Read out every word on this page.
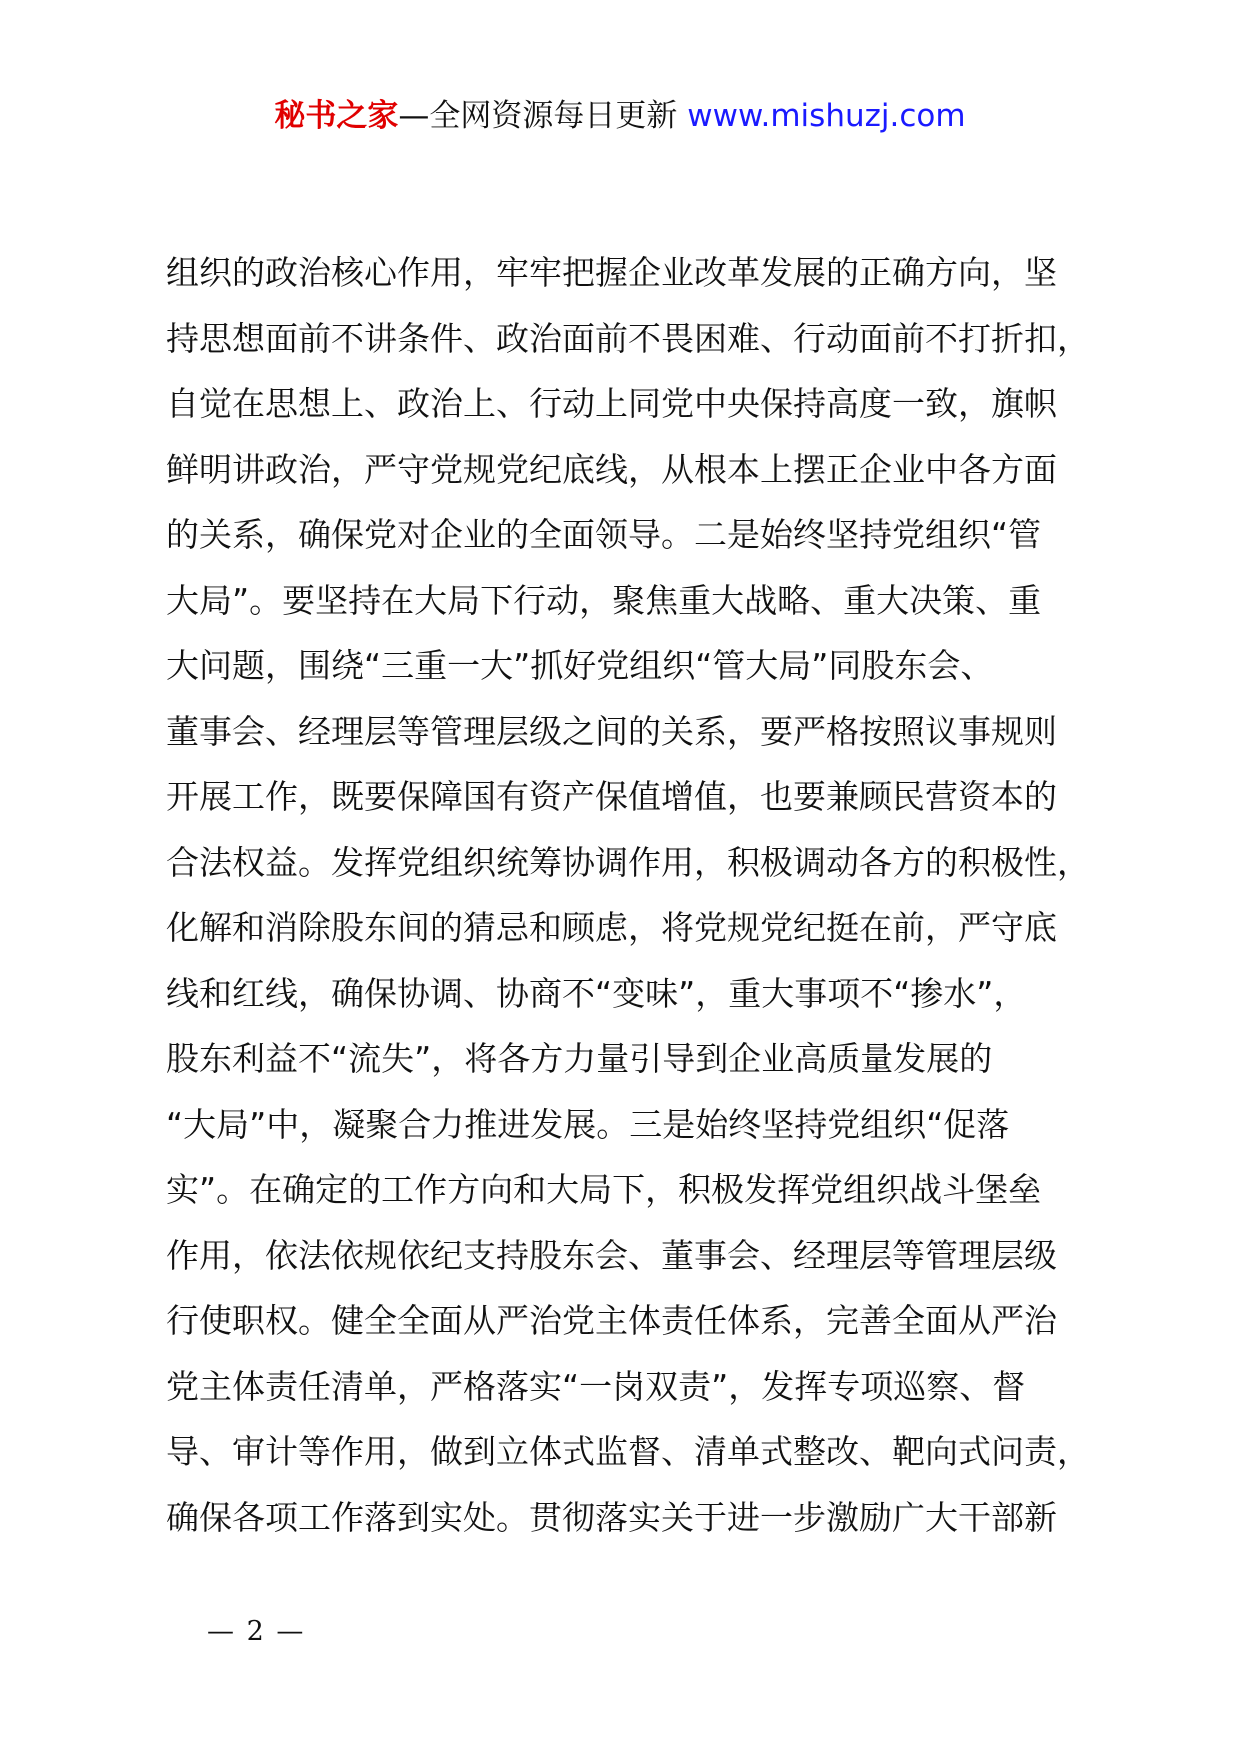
秘书之家—全网资源每日更新 www.mishuzj.com
组织的政治核心作用，牢牢把握企业改革发展的正确方向，坚
持思想面前不讲条件、政治面前不畏困难、行动面前不打折扣，
自觉在思想上、政治上、行动上同党中央保持高度一致，旗帜
鲜明讲政治，严守党规党纪底线，从根本上摆正企业中各方面
的关系，确保党对企业的全面领导。二是始终坚持党组织“管
大局”。要坚持在大局下行动，聚焦重大战略、重大决策、重
大问题，围绕“三重一大”抓好党组织“管大局”同股东会、
董事会、经理层等管理层级之间的关系，要严格按照议事规则
开展工作，既要保障国有资产保值增值，也要兼顾民营资本的
合法权益。发挥党组织统筹协调作用，积极调动各方的积极性，
化解和消除股东间的猜忌和顾虑，将党规党纪挺在前，严守底
线和红线，确保协调、协商不“变味”，重大事项不“掺水”，
股东利益不“流失”，将各方力量引导到企业高质量发展的
“大局”中，凝聚合力推进发展。三是始终坚持党组织“促落
实”。在确定的工作方向和大局下，积极发挥党组织战斗堡垒
作用，依法依规依纪支持股东会、董事会、经理层等管理层级
行使职权。健全全面从严治党主体责任体系，完善全面从严治
党主体责任清单，严格落实“一岗双责”，发挥专项巡察、督
导、审计等作用，做到立体式监督、清单式整改、靶向式问责，
确保各项工作落到实处。贯彻落实关于进一步激励广大干部新
— 2 —
